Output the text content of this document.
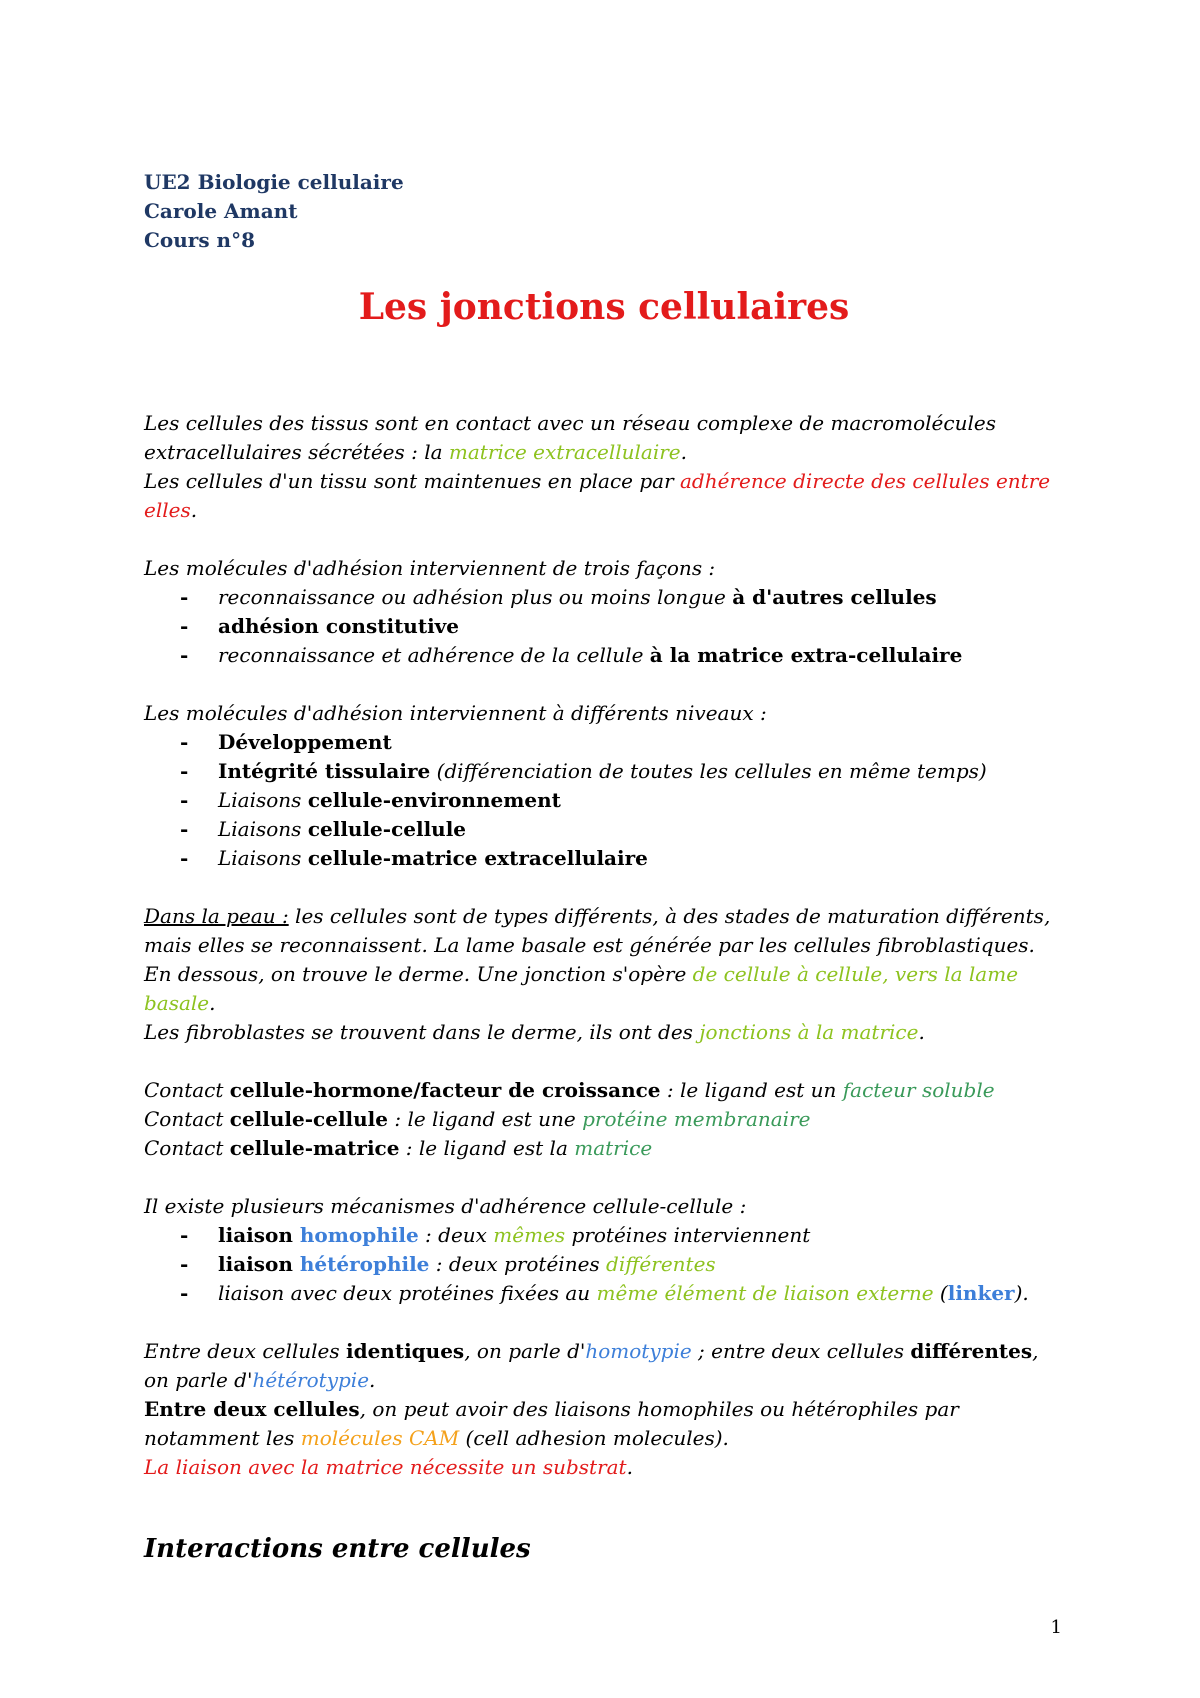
UE2 Biologie cellulaire

Carole Amant

Cours n°8

Les jonctions cellulaires

Les cellules des tissus sont en contact avec un réseau complexe de macromolécules extracellulaires sécrétées : la matrice extracellulaire.

Les cellules d'un tissu sont maintenues en place par adhérence directe des cellules entre elles.

Les molécules d'adhésion interviennent de trois façons :

- reconnaissance ou adhésion plus ou moins longue à d'autres cellules
- adhésion constitutive
- reconnaissance et adhérence de la cellule à la matrice extra-cellulaire

Les molécules d'adhésion interviennent à différents niveaux :

- Développement
- Intégrité tissulaire (différenciation de toutes les cellules en même temps)
- Liaisons cellule-environnement
- Liaisons cellule-cellule
- Liaisons cellule-matrice extracellulaire

Dans la peau : les cellules sont de types différents, à des stades de maturation différents, mais elles se reconnaissent. La lame basale est générée par les cellules fibroblastiques. En dessous, on trouve le derme. Une jonction s'opère de cellule à cellule, vers la lame basale.

Les fibroblastes se trouvent dans le derme, ils ont des jonctions à la matrice.

Contact cellule-hormone/facteur de croissance : le ligand est un facteur soluble

Contact cellule-cellule : le ligand est une protéine membranaire

Contact cellule-matrice : le ligand est la matrice

Il existe plusieurs mécanismes d'adhérence cellule-cellule :

- liaison homophile : deux mêmes protéines interviennent
- liaison hétérophile : deux protéines différentes
- liaison avec deux protéines fixées au même élément de liaison externe (linker).

Entre deux cellules identiques, on parle d'homotypie ; entre deux cellules différentes, on parle d'hétérotypie.

Entre deux cellules, on peut avoir des liaisons homophiles ou hétérophiles par notamment les molécules CAM (cell adhesion molecules).

La liaison avec la matrice nécessite un substrat.

Interactions entre cellules
1
